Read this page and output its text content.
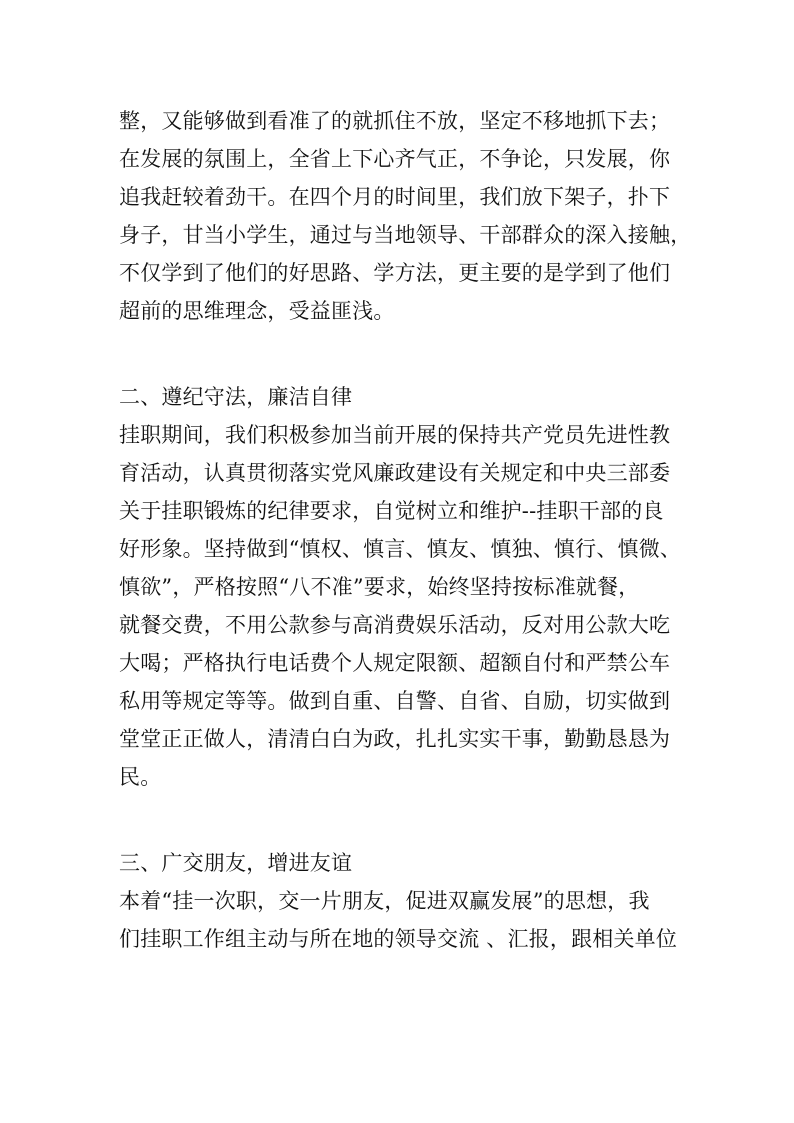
整，又能够做到看准了的就抓住不放，坚定不移地抓下去；
在发展的氛围上，全省上下心齐气正，不争论，只发展，你
追我赶较着劲干。在四个月的时间里，我们放下架子，扑下
身子，甘当小学生，通过与当地领导、干部群众的深入接触，
不仅学到了他们的好思路、学方法，更主要的是学到了他们
超前的思维理念，受益匪浅。
二、遵纪守法，廉洁自律
挂职期间，我们积极参加当前开展的保持共产党员先进性教
育活动，认真贯彻落实党风廉政建设有关规定和中央三部委
关于挂职锻炼的纪律要求，自觉树立和维护--挂职干部的良
好形象。坚持做到“慎权、慎言、慎友、慎独、慎行、慎微、
慎欲”，严格按照“八不准”要求，始终坚持按标准就餐，
就餐交费，不用公款参与高消费娱乐活动，反对用公款大吃
大喝；严格执行电话费个人规定限额、超额自付和严禁公车
私用等规定等等。做到自重、自警、自省、自励，切实做到
堂堂正正做人，清清白白为政，扎扎实实干事，勤勤恳恳为
民。
三、广交朋友，增进友谊
本着“挂一次职，交一片朋友，促进双赢发展”的思想，我
们挂职工作组主动与所在地的领导交流 、汇报，跟相关单位
